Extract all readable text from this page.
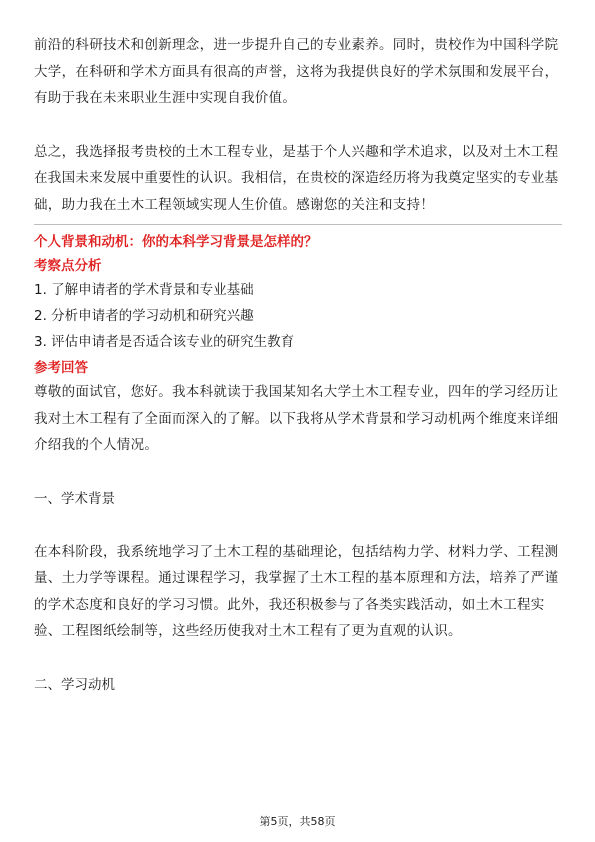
前沿的科研技术和创新理念，进一步提升自己的专业素养。同时，贵校作为中国科学院大学，在科研和学术方面具有很高的声誉，这将为我提供良好的学术氛围和发展平台，有助于我在未来职业生涯中实现自我价值。

总之，我选择报考贵校的土木工程专业，是基于个人兴趣和学术追求，以及对土木工程在我国未来发展中重要性的认识。我相信，在贵校的深造经历将为我奠定坚实的专业基础，助力我在土木工程领域实现人生价值。感谢您的关注和支持！

个人背景和动机：你的本科学习背景是怎样的？
考察点分析
1. 了解申请者的学术背景和专业基础
2. 分析申请者的学习动机和研究兴趣
3. 评估申请者是否适合该专业的研究生教育
参考回答

尊敬的面试官，您好。我本科就读于我国某知名大学土木工程专业，四年的学习经历让我对土木工程有了全面而深入的了解。以下我将从学术背景和学习动机两个维度来详细介绍我的个人情况。

一、学术背景

在本科阶段，我系统地学习了土木工程的基础理论，包括结构力学、材料力学、工程测量、土力学等课程。通过课程学习，我掌握了土木工程的基本原理和方法，培养了严谨的学术态度和良好的学习习惯。此外，我还积极参与了各类实践活动，如土木工程实验、工程图纸绘制等，这些经历使我对土木工程有了更为直观的认识。

二、学习动机
第5页，共58页
